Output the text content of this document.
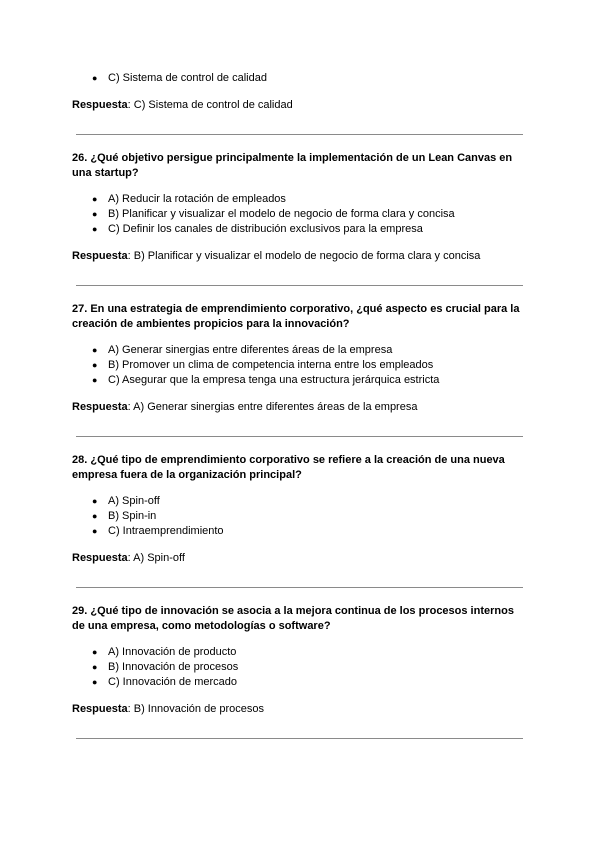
● C) Sistema de control de calidad
Respuesta: C) Sistema de control de calidad
26. ¿Qué objetivo persigue principalmente la implementación de un Lean Canvas en una startup?
● A) Reducir la rotación de empleados
● B) Planificar y visualizar el modelo de negocio de forma clara y concisa
● C) Definir los canales de distribución exclusivos para la empresa
Respuesta: B) Planificar y visualizar el modelo de negocio de forma clara y concisa
27. En una estrategia de emprendimiento corporativo, ¿qué aspecto es crucial para la creación de ambientes propicios para la innovación?
● A) Generar sinergias entre diferentes áreas de la empresa
● B) Promover un clima de competencia interna entre los empleados
● C) Asegurar que la empresa tenga una estructura jerárquica estricta
Respuesta: A) Generar sinergias entre diferentes áreas de la empresa
28. ¿Qué tipo de emprendimiento corporativo se refiere a la creación de una nueva empresa fuera de la organización principal?
● A) Spin-off
● B) Spin-in
● C) Intraemprendimiento
Respuesta: A) Spin-off
29. ¿Qué tipo de innovación se asocia a la mejora continua de los procesos internos de una empresa, como metodologías o software?
● A) Innovación de producto
● B) Innovación de procesos
● C) Innovación de mercado
Respuesta: B) Innovación de procesos
